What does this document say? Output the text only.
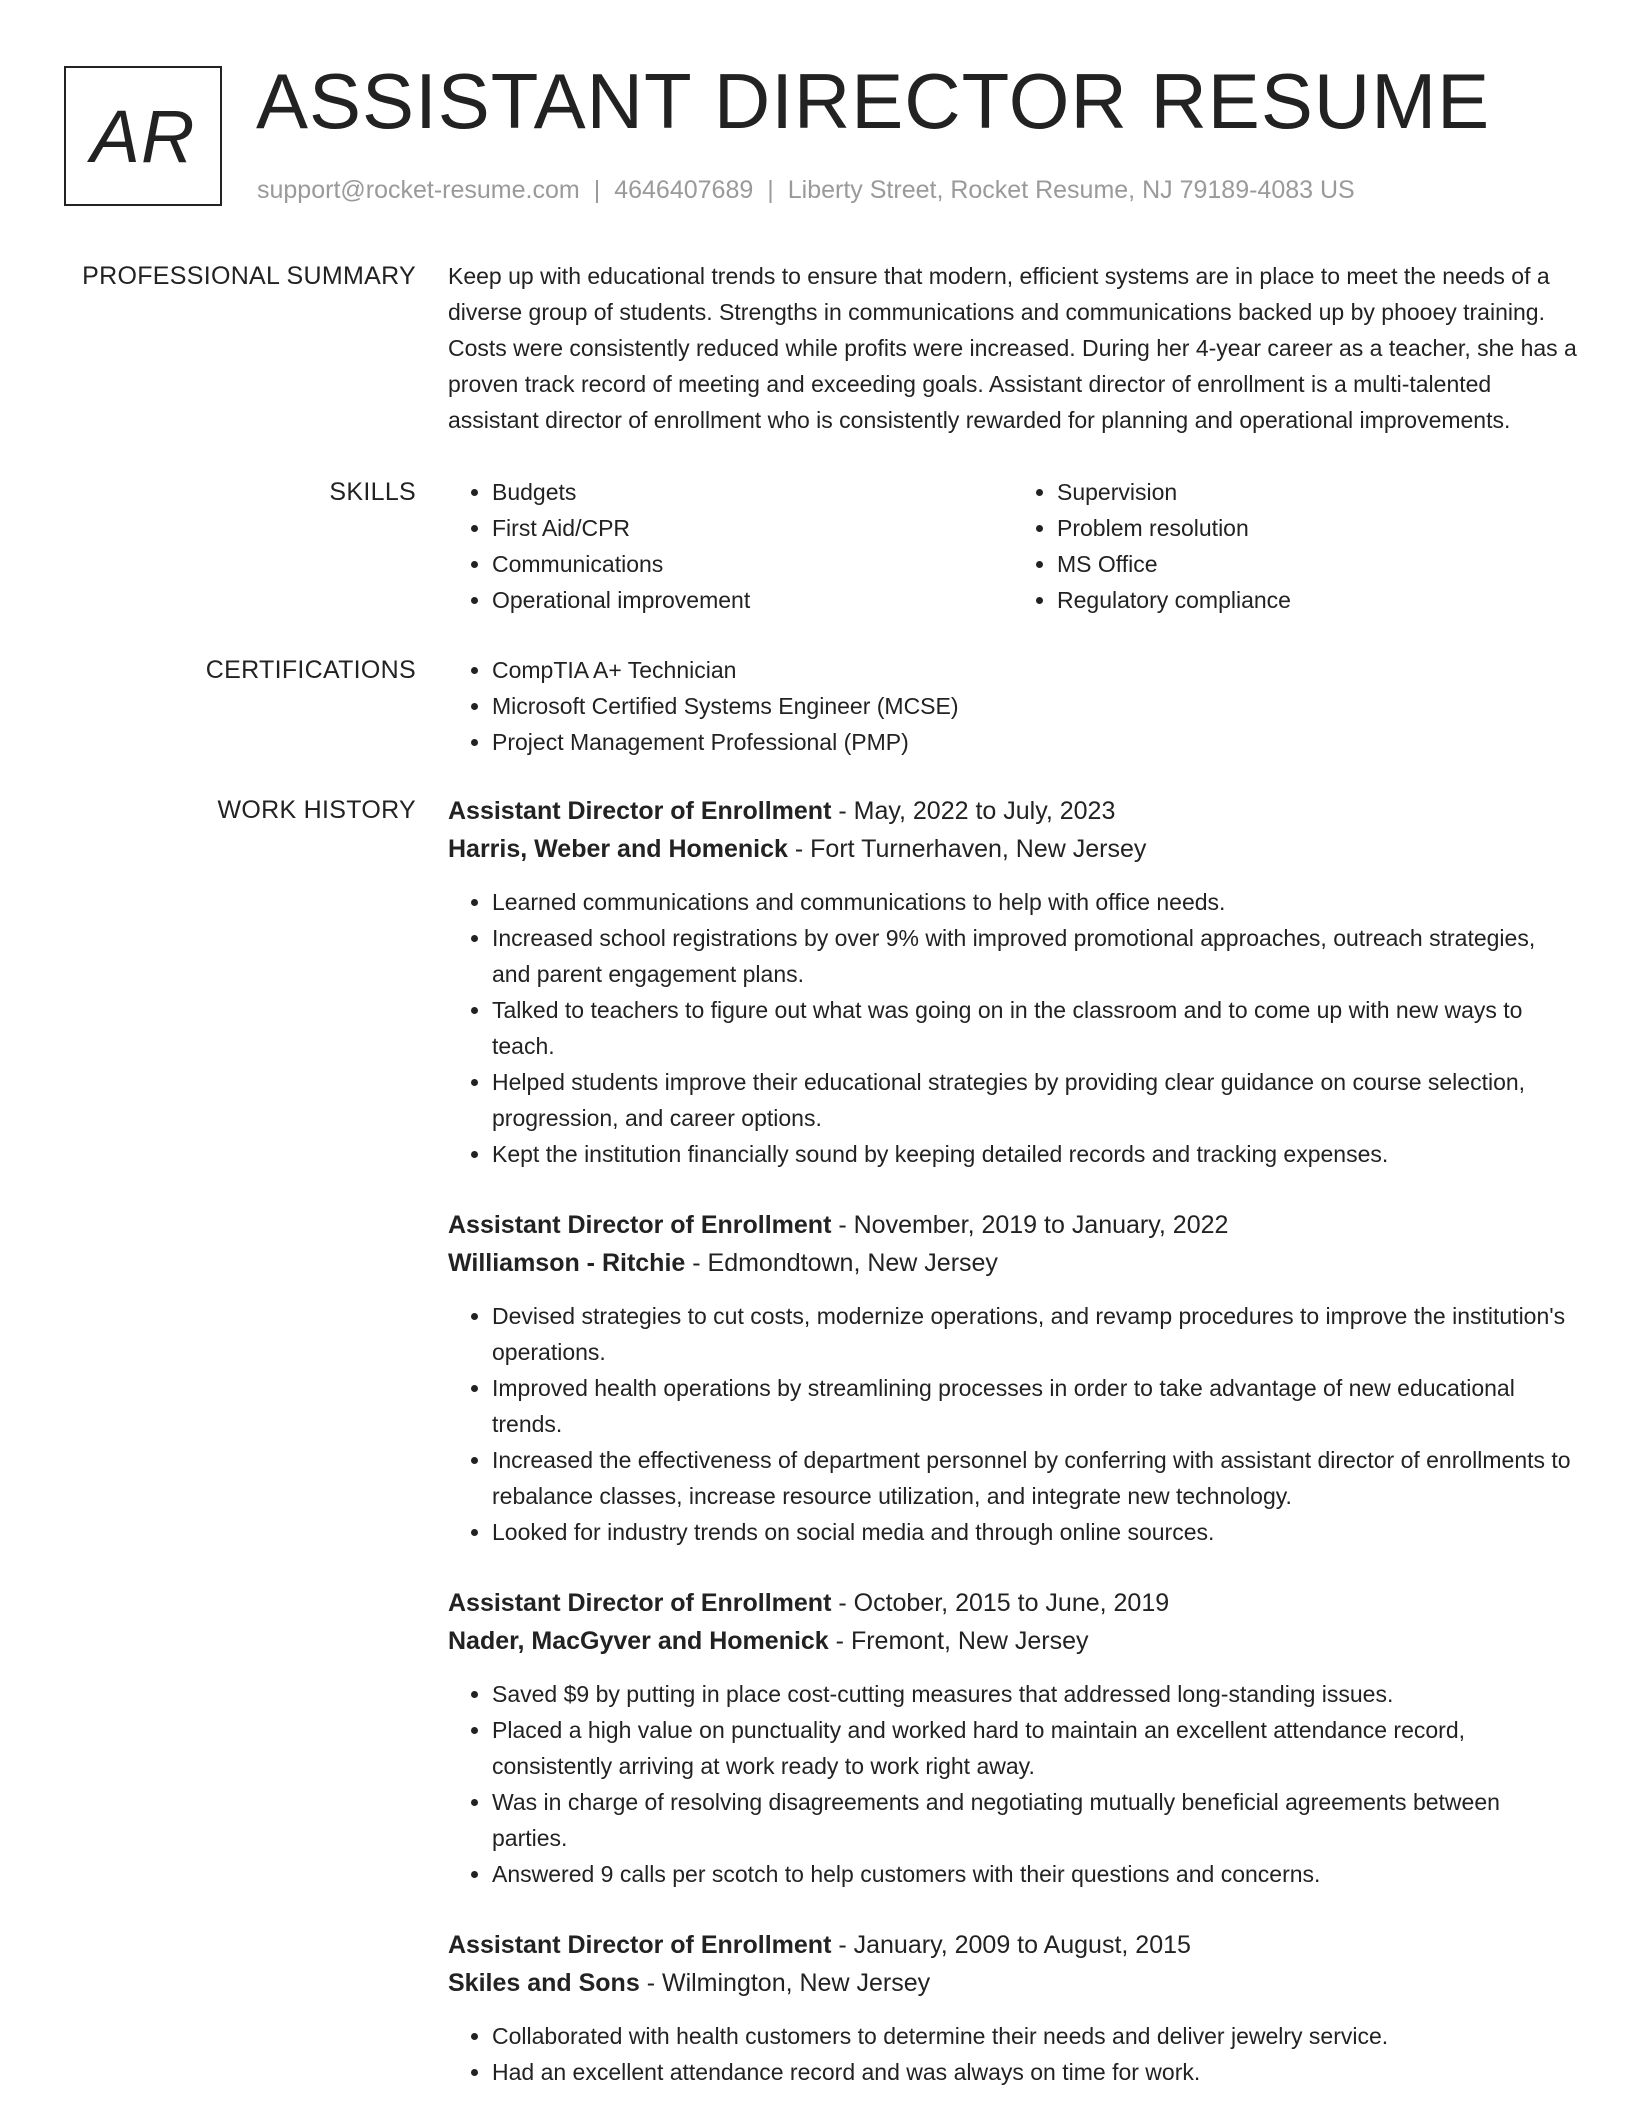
AR ASSISTANT DIRECTOR RESUME
support@rocket-resume.com | 4646407689 | Liberty Street, Rocket Resume, NJ 79189-4083 US
PROFESSIONAL SUMMARY Keep up with educational trends to ensure that modern, efficient systems are in place to meet the needs of a diverse group of students. Strengths in communications and communications backed up by phooey training. Costs were consistently reduced while profits were increased. During her 4-year career as a teacher, she has a proven track record of meeting and exceeding goals. Assistant director of enrollment is a multi-talented assistant director of enrollment who is consistently rewarded for planning and operational improvements.

SKILLS	• Budgets
• First Aid/CPR
• Communications
• Operational improvement
• Supervision
• Problem resolution
• MS Office
• Regulatory compliance
CERTIFICATIONS	• CompTIA A+ Technician
• Microsoft Certified Systems Engineer (MCSE)
• Project Management Professional (PMP)
WORK HISTORY Assistant Director of Enrollment - May, 2022 to July, 2023
Harris, Weber and Homenick - Fort Turnerhaven, New Jersey
• Learned communications and communications to help with office needs.
• Increased school registrations by over 9% with improved promotional approaches, outreach strategies, and parent engagement plans.
• Talked to teachers to figure out what was going on in the classroom and to come up with new ways to teach.
• Helped students improve their educational strategies by providing clear guidance on course selection, progression, and career options.
• Kept the institution financially sound by keeping detailed records and tracking expenses.
Assistant Director of Enrollment - November, 2019 to January, 2022
Williamson - Ritchie - Edmondtown, New Jersey
• Devised strategies to cut costs, modernize operations, and revamp procedures to improve the institution's operations.
• Improved health operations by streamlining processes in order to take advantage of new educational trends.
• Increased the effectiveness of department personnel by conferring with assistant director of enrollments to rebalance classes, increase resource utilization, and integrate new technology.
• Looked for industry trends on social media and through online sources.
Assistant Director of Enrollment - October, 2015 to June, 2019
Nader, MacGyver and Homenick - Fremont, New Jersey
• Saved $9 by putting in place cost-cutting measures that addressed long-standing issues.
• Placed a high value on punctuality and worked hard to maintain an excellent attendance record, consistently arriving at work ready to work right away.
• Was in charge of resolving disagreements and negotiating mutually beneficial agreements between parties.
• Answered 9 calls per scotch to help customers with their questions and concerns.
Assistant Director of Enrollment - January, 2009 to August, 2015
Skiles and Sons - Wilmington, New Jersey
• Collaborated with health customers to determine their needs and deliver jewelry service.
• Had an excellent attendance record and was always on time for work.
